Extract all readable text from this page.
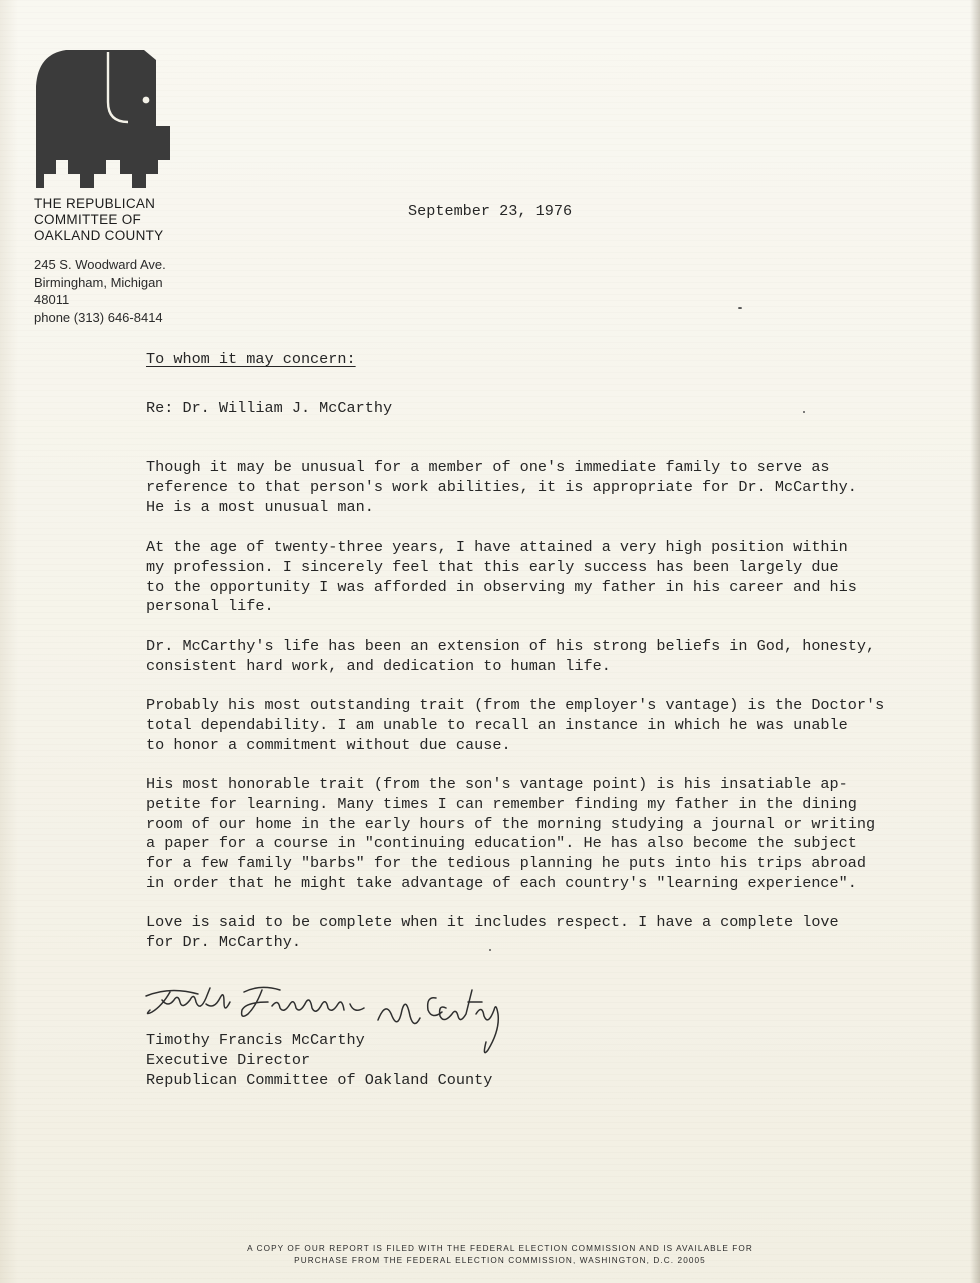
THE REPUBLICAN
COMMITTEE OF
OAKLAND COUNTY
245 S. Woodward Ave.
Birmingham, Michigan
48011
phone (313) 646-8414
September 23, 1976
To whom it may concern:
Re: Dr. William J. McCarthy
Though it may be unusual for a member of one's immediate family to serve as
reference to that person's work abilities, it is appropriate for Dr. McCarthy.
He is a most unusual man.
At the age of twenty-three years, I have attained a very high position within
my profession. I sincerely feel that this early success has been largely due
to the opportunity I was afforded in observing my father in his career and his
personal life.
Dr. McCarthy's life has been an extension of his strong beliefs in God, honesty,
consistent hard work, and dedication to human life.
Probably his most outstanding trait (from the employer's vantage) is the Doctor's
total dependability. I am unable to recall an instance in which he was unable
to honor a commitment without due cause.
His most honorable trait (from the son's vantage point) is his insatiable ap-
petite for learning. Many times I can remember finding my father in the dining
room of our home in the early hours of the morning studying a journal or writing
a paper for a course in "continuing education". He has also become the subject
for a few family "barbs" for the tedious planning he puts into his trips abroad
in order that he might take advantage of each country's "learning experience".
Love is said to be complete when it includes respect. I have a complete love
for Dr. McCarthy.
Timothy Francis McCarthy
Executive Director
Republican Committee of Oakland County
A COPY OF OUR REPORT IS FILED WITH THE FEDERAL ELECTION COMMISSION AND IS AVAILABLE FOR
PURCHASE FROM THE FEDERAL ELECTION COMMISSION, WASHINGTON, D.C. 20005
